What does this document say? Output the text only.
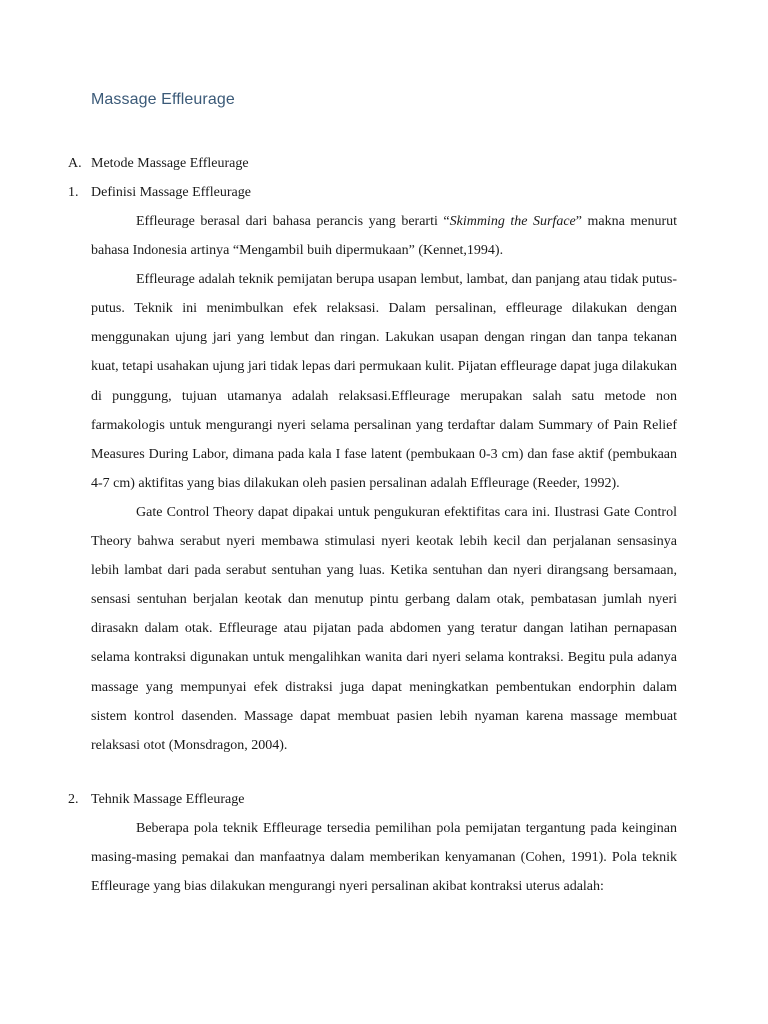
Massage Effleurage
A. Metode Massage Effleurage
1. Definisi Massage Effleurage

Effleurage berasal dari bahasa perancis yang berarti “Skimming the Surface” makna menurut bahasa Indonesia artinya “Mengambil buih dipermukaan” (Kennet,1994).

Effleurage adalah teknik pemijatan berupa usapan lembut, lambat, dan panjang atau tidak putus-putus. Teknik ini menimbulkan efek relaksasi. Dalam persalinan, effleurage dilakukan dengan menggunakan ujung jari yang lembut dan ringan. Lakukan usapan dengan ringan dan tanpa tekanan kuat, tetapi usahakan ujung jari tidak lepas dari permukaan kulit. Pijatan effleurage dapat juga dilakukan di punggung, tujuan utamanya adalah relaksasi.Effleurage merupakan salah satu metode non farmakologis untuk mengurangi nyeri selama persalinan yang terdaftar dalam Summary of Pain Relief Measures During Labor, dimana pada kala I fase latent (pembukaan 0-3 cm) dan fase aktif (pembukaan 4-7 cm) aktifitas yang bias dilakukan oleh pasien persalinan adalah Effleurage (Reeder, 1992).

Gate Control Theory dapat dipakai untuk pengukuran efektifitas cara ini. Ilustrasi Gate Control Theory bahwa serabut nyeri membawa stimulasi nyeri keotak lebih kecil dan perjalanan sensasinya lebih lambat dari pada serabut sentuhan yang luas. Ketika sentuhan dan nyeri dirangsang bersamaan, sensasi sentuhan berjalan keotak dan menutup pintu gerbang dalam otak, pembatasan jumlah nyeri dirasakn dalam otak. Effleurage atau pijatan pada abdomen yang teratur dangan latihan pernapasan selama kontraksi digunakan untuk mengalihkan wanita dari nyeri selama kontraksi. Begitu pula adanya massage yang mempunyai efek distraksi juga dapat meningkatkan pembentukan endorphin dalam sistem kontrol dasenden. Massage dapat membuat pasien lebih nyaman karena massage membuat relaksasi otot (Monsdragon, 2004).

2. Tehnik Massage Effleurage

Beberapa pola teknik Effleurage tersedia pemilihan pola pemijatan tergantung pada keinginan masing-masing pemakai dan manfaatnya dalam memberikan kenyamanan (Cohen, 1991). Pola teknik Effleurage yang bias dilakukan mengurangi nyeri persalinan akibat kontraksi uterus adalah:
